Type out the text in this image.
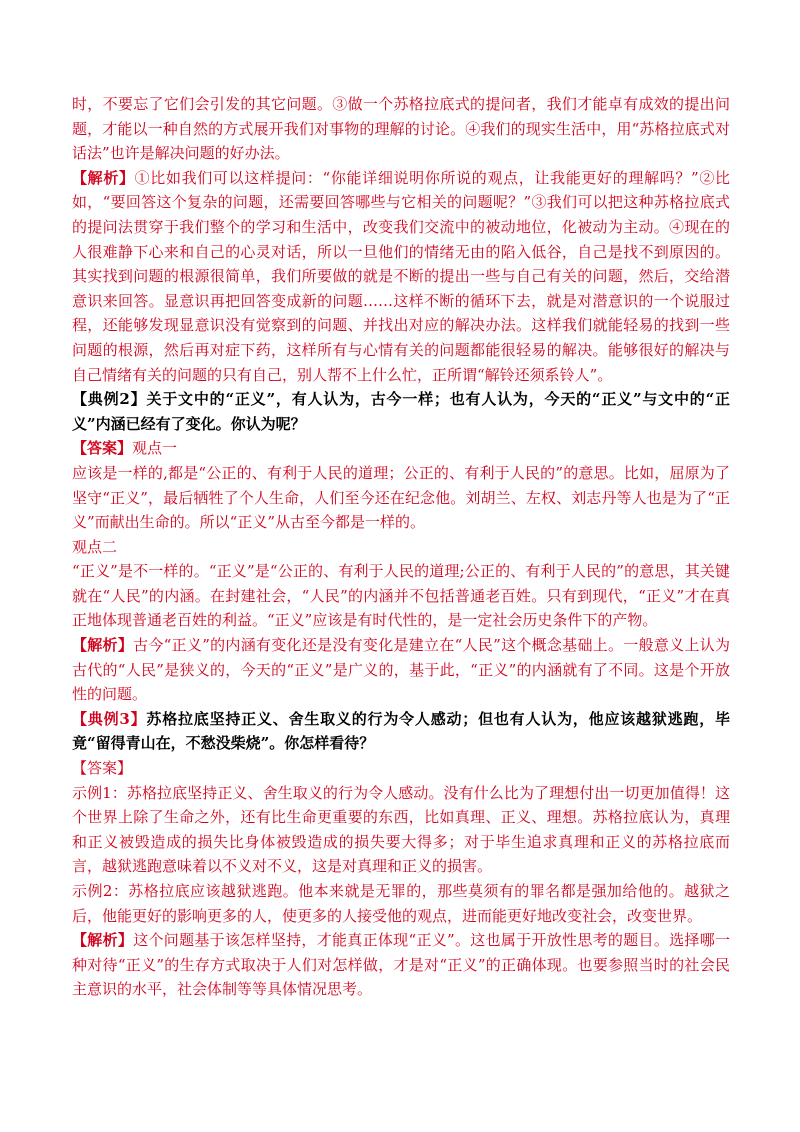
时，不要忘了它们会引发的其它问题。③做一个苏格拉底式的提问者，我们才能卓有成效的提出问题，才能以一种自然的方式展开我们对事物的理解的讨论。④我们的现实生活中，用“苏格拉底式对话法”也许是解决问题的好办法。

【解析】①比如我们可以这样提问：“你能详细说明你所说的观点，让我能更好的理解吗？”②比如，“要回答这个复杂的问题，还需要回答哪些与它相关的问题呢？”③我们可以把这种苏格拉底式的提问法贯穿于我们整个的学习和生活中，改变我们交流中的被动地位，化被动为主动。④现在的人很难静下心来和自己的心灵对话，所以一旦他们的情绪无由的陷入低谷，自己是找不到原因的。其实找到问题的根源很简单，我们所要做的就是不断的提出一些与自己有关的问题，然后，交给潜意识来回答。显意识再把回答变成新的问题……这样不断的循环下去，就是对潜意识的一个说服过程，还能够发现显意识没有觉察到的问题、并找出对应的解决办法。这样我们就能轻易的找到一些问题的根源，然后再对症下药，这样所有与心情有关的问题都能很轻易的解决。能够很好的解决与自己情绪有关的问题的只有自己，别人帮不上什么忙，正所谓“解铃还须系铃人”。

【典例2】关于文中的“正义”，有人认为，古今一样；也有人认为，今天的“正义”与文中的“正义”内涵已经有了变化。你认为呢？

【答案】观点一

应该是一样的,都是“公正的、有利于人民的道理；公正的、有利于人民的”的意思。比如，屈原为了坚守“正义”，最后牺牲了个人生命，人们至今还在纪念他。刘胡兰、左权、刘志丹等人也是为了“正义”而献出生命的。所以“正义”从古至今都是一样的。

观点二

“正义”是不一样的。“正义”是“公正的、有利于人民的道理;公正的、有利于人民的”的意思，其关键就在“人民”的内涵。在封建社会，“人民”的内涵并不包括普通老百姓。只有到现代，“正义”才在真正地体现普通老百姓的利益。“正义”应该是有时代性的，是一定社会历史条件下的产物。

【解析】古今“正义”的内涵有变化还是没有变化是建立在“人民”这个概念基础上。一般意义上认为古代的“人民”是狭义的，今天的“正义”是广义的，基于此，“正义”的内涵就有了不同。这是个开放性的问题。

【典例3】苏格拉底坚持正义、舍生取义的行为令人感动；但也有人认为，他应该越狱逃跑，毕竟“留得青山在，不愁没柴烧”。你怎样看待？

【答案】

示例1：苏格拉底坚持正义、舍生取义的行为令人感动。没有什么比为了理想付出一切更加值得！这个世界上除了生命之外，还有比生命更重要的东西，比如真理、正义、理想。苏格拉底认为，真理和正义被毁造成的损失比身体被毁造成的损失要大得多；对于毕生追求真理和正义的苏格拉底而言，越狱逃跑意味着以不义对不义，这是对真理和正义的损害。

示例2：苏格拉底应该越狱逃跑。他本来就是无罪的，那些莫须有的罪名都是强加给他的。越狱之后，他能更好的影响更多的人，使更多的人接受他的观点，进而能更好地改变社会，改变世界。

【解析】这个问题基于该怎样坚持，才能真正体现“正义”。这也属于开放性思考的题目。选择哪一种对待“正义”的生存方式取决于人们对怎样做，才是对“正义”的正确体现。也要参照当时的社会民主意识的水平，社会体制等等具体情况思考。
